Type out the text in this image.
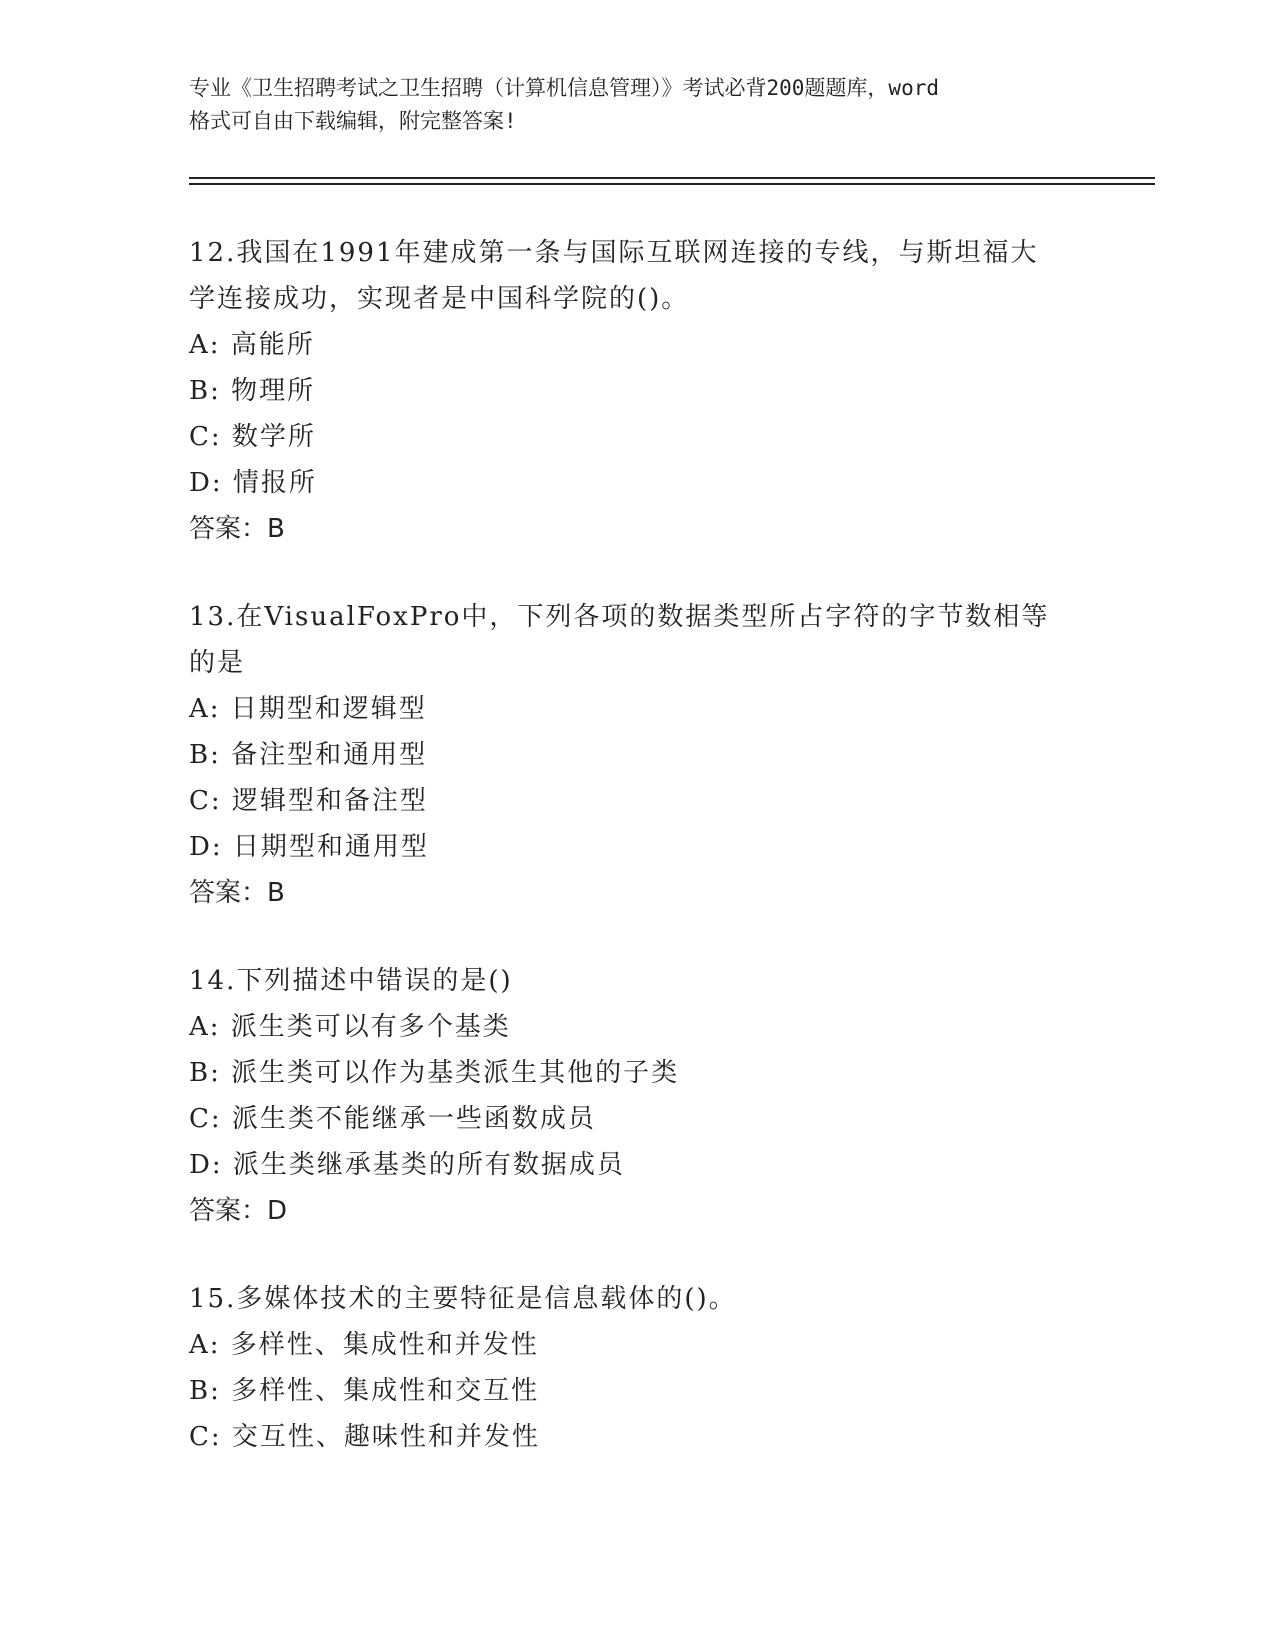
专业《卫生招聘考试之卫生招聘（计算机信息管理）》考试必背200题题库，word
格式可自由下载编辑，附完整答案!

12.我国在1991年建成第一条与国际互联网连接的专线，与斯坦福大

学连接成功，实现者是中国科学院的()。

A: 高能所

B: 物理所

C: 数学所

D: 情报所

答案：B

13.在VisualFoxPro中，下列各项的数据类型所占字符的字节数相等

的是

A: 日期型和逻辑型

B: 备注型和通用型

C: 逻辑型和备注型

D: 日期型和通用型

答案：B

14.下列描述中错误的是()

A: 派生类可以有多个基类

B: 派生类可以作为基类派生其他的子类

C: 派生类不能继承一些函数成员

D: 派生类继承基类的所有数据成员

答案：D

15.多媒体技术的主要特征是信息载体的()。

A: 多样性、集成性和并发性

B: 多样性、集成性和交互性

C: 交互性、趣味性和并发性
